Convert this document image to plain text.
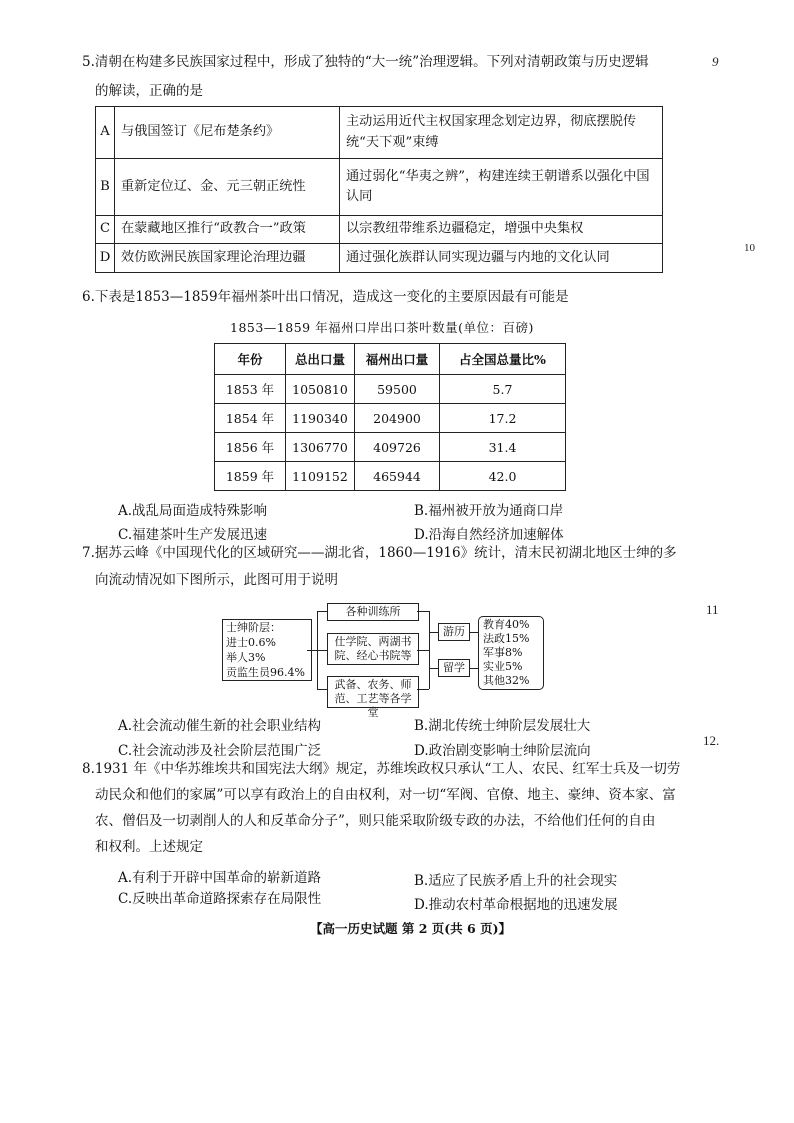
9
10
11
12.
5.清朝在构建多民族国家过程中，形成了独特的“大一统”治理逻辑。下列对清朝政策与历史逻辑
的解读，正确的是
A	与俄国签订《尼布楚条约》	主动运用近代主权国家理念划定边界，彻底摆脱传统“天下观”束缚
B	重新定位辽、金、元三朝正统性	通过弱化“华夷之辨”，构建连续王朝谱系以强化中国认同
C	在蒙藏地区推行“政教合一”政策	以宗教纽带维系边疆稳定，增强中央集权
D	效仿欧洲民族国家理论治理边疆	通过强化族群认同实现边疆与内地的文化认同
6.下表是1853—1859年福州茶叶出口情况，造成这一变化的主要原因最有可能是
1853—1859 年福州口岸出口茶叶数量(单位：百磅)
年份	总出口量	福州出口量	占全国总量比%
1853 年	1050810	59500	5.7
1854 年	1190340	204900	17.2
1856 年	1306770	409726	31.4
1859 年	1109152	465944	42.0
A.战乱局面造成特殊影响	B.福州被开放为通商口岸
C.福建茶叶生产发展迅速	D.沿海自然经济加速解体
7.据苏云峰《中国现代化的区域研究——湖北省，1860—1916》统计，清末民初湖北地区士绅的多
向流动情况如下图所示，此图可用于说明
士绅阶层：
进士0.6%
举人3%
贡监生员96.4%
各种训练所
仕学院、两湖书院、经心书院等
武备、农务、师范、工艺等各学堂
游历
留学
教育40%
法政15%
军事8%
实业5%
其他32%
A.社会流动催生新的社会职业结构	B.湖北传统士绅阶层发展壮大
C.社会流动涉及社会阶层范围广泛	D.政治剧变影响士绅阶层流向
8.1931 年《中华苏维埃共和国宪法大纲》规定，苏维埃政权只承认“工人、农民、红军士兵及一切劳
动民众和他们的家属”可以享有政治上的自由权利，对一切“军阀、官僚、地主、豪绅、资本家、富
农、僧侣及一切剥削人的人和反革命分子”，则只能采取阶级专政的办法，不给他们任何的自由
和权利。上述规定
A.有利于开辟中国革命的崭新道路	B.适应了民族矛盾上升的社会现实
C.反映出革命道路探索存在局限性	D.推动农村革命根据地的迅速发展
【高一历史试题 第 2 页(共 6 页)】
